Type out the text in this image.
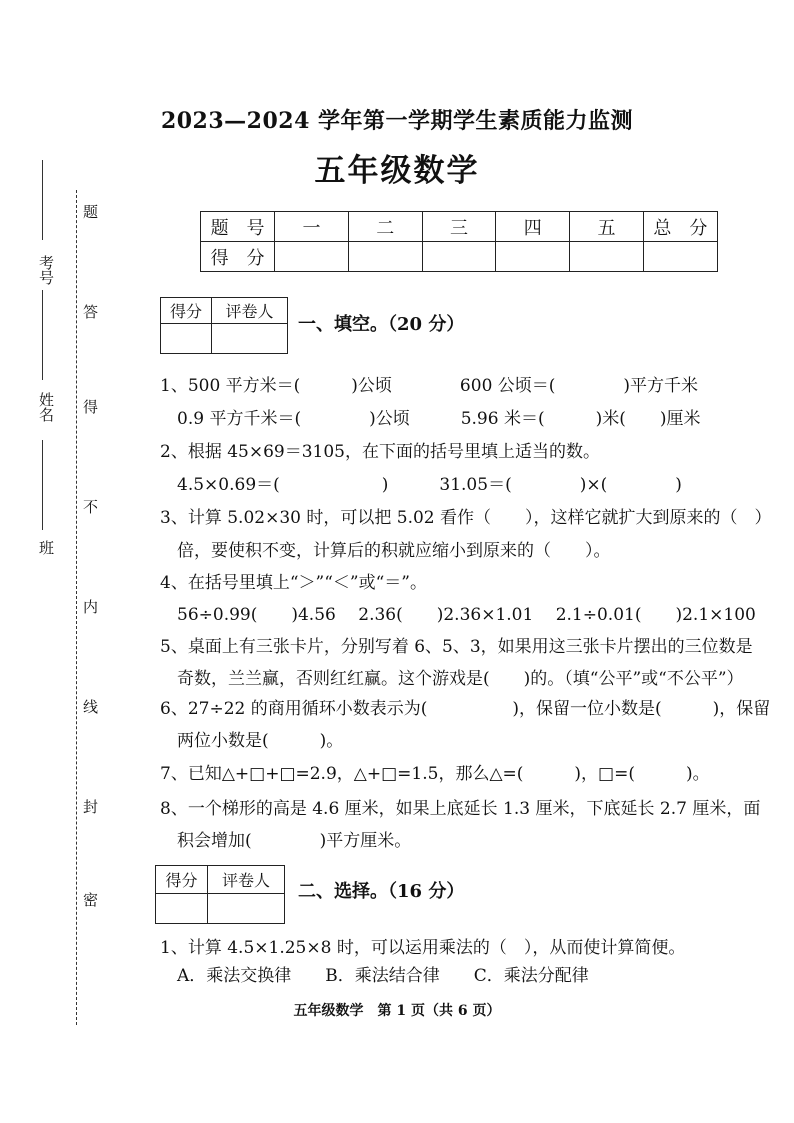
考号
姓名
班
密
封
线
内
不
得
答
题
2023—2024 学年第一学期学生素质能力监测
五年级数学
题　号	一	二	三	四	五	总　分
得　分						
得分	评卷人

一、填空。（20 分）
1、500 平方米＝(　　　)公顷　　　　600 公顷＝(　　　　)平方千米
　0.9 平方千米＝(　　　　)公顷　　　5.96 米＝(　　　)米(　　)厘米
2、根据 45×69＝3105，在下面的括号里填上适当的数。
　4.5×0.69＝(　　　　　　)　　　31.05＝(　　　　)×(　　　　)
3、计算 5.02×30 时，可以把 5.02 看作（　　），这样它就扩大到原来的（　）
　倍，要使积不变，计算后的积就应缩小到原来的（　　）。
4、在括号里填上“＞”“＜”或“＝”。
　56÷0.99(　　)4.56　 2.36(　　)2.36×1.01　 2.1÷0.01(　　)2.1×100
5、桌面上有三张卡片，分别写着 6、5、3，如果用这三张卡片摆出的三位数是
　奇数，兰兰赢，否则红红赢。这个游戏是(　　)的。（填“公平”或“不公平”）
6、27÷22 的商用循环小数表示为(　　　　　)，保留一位小数是(　　　)，保留
　两位小数是(　　　)。
7、已知△+□+□=2.9，△+□=1.5，那么△=(　　　)，□=(　　　)。
8、一个梯形的高是 4.6 厘米，如果上底延长 1.3 厘米，下底延长 2.7 厘米，面
　积会增加(　　　　)平方厘米。
得分	评卷人

二、选择。（16 分）
1、计算 4.5×1.25×8 时，可以运用乘法的（　），从而使计算简便。
　A．乘法交换律　　B．乘法结合律　　C．乘法分配律
五年级数学　第 1 页（共 6 页）
